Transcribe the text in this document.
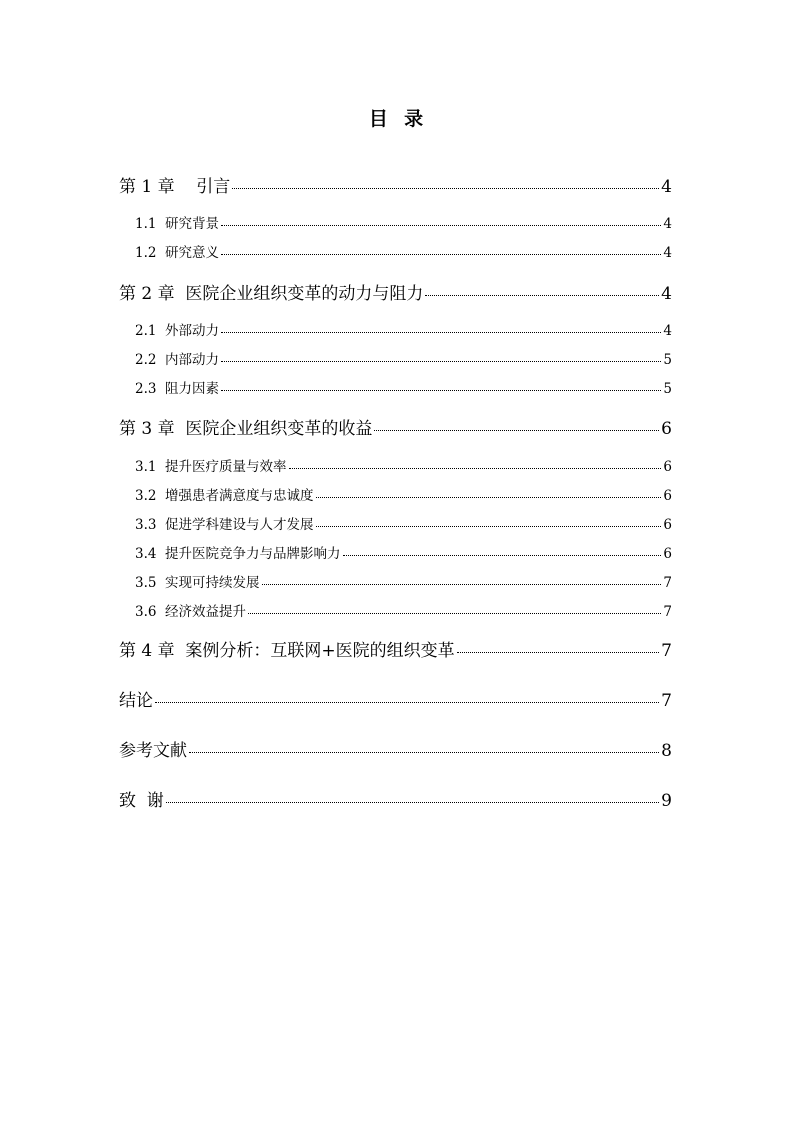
目  录
第 1 章    引言	4
1.1  研究背景	4
1.2  研究意义	4
第 2 章  医院企业组织变革的动力与阻力	4
2.1  外部动力	4
2.2  内部动力	5
2.3  阻力因素	5
第 3 章  医院企业组织变革的收益	6
3.1  提升医疗质量与效率	6
3.2  增强患者满意度与忠诚度	6
3.3  促进学科建设与人才发展	6
3.4  提升医院竞争力与品牌影响力	6
3.5  实现可持续发展	7
3.6  经济效益提升	7
第 4 章  案例分析：互联网+医院的组织变革	7
结论	7
参考文献	8
致  谢	9
